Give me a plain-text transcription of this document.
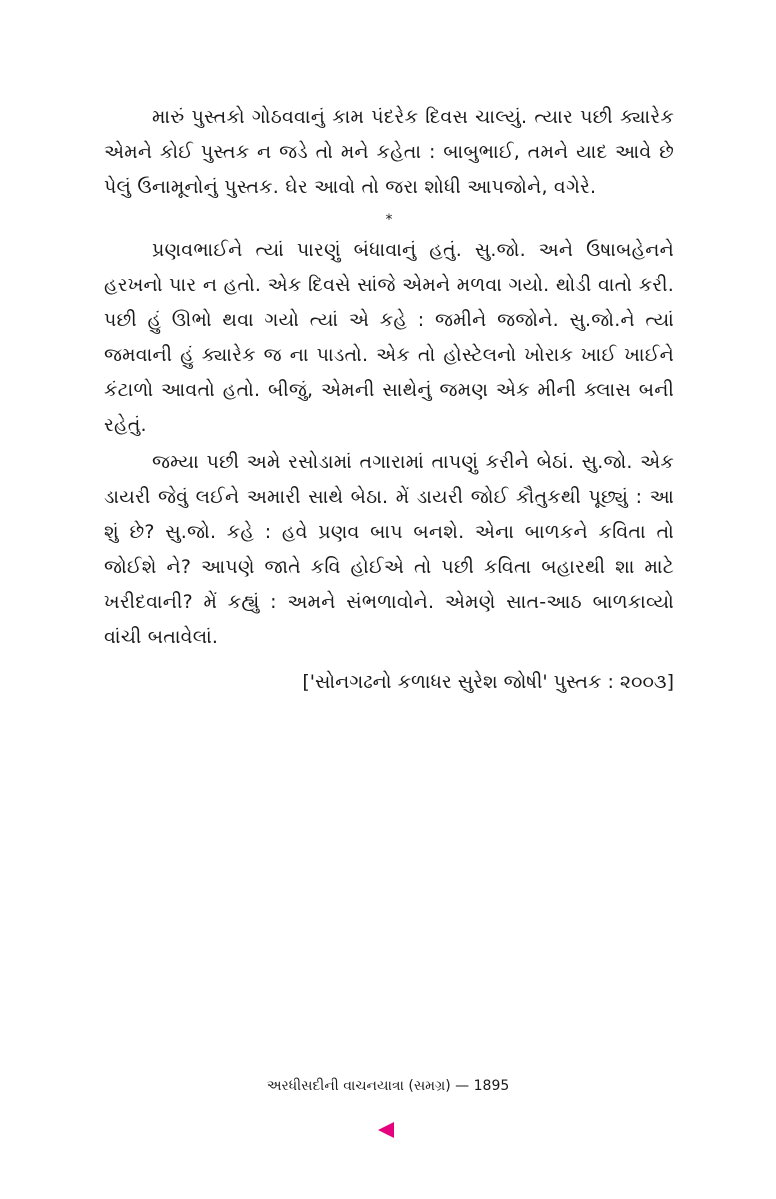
મારું પુસ્તકો ગોઠવવાનું કામ પંદરેક દિવસ ચાલ્યું. ત્યાર પછી ક્યારેક એમને કોઈ પુસ્તક ન જડે તો મને કહેતા : બાબુભાઈ, તમને યાદ આવે છે પેલું ઉનામૂનોનું પુસ્તક. ઘેર આવો તો જરા શોધી આપજોને, વગેરે.

*

પ્રણવભાઈને ત્યાં પારણું બંધાવાનું હતું. સુ.જો. અને ઉષાબહેનને હરખનો પાર ન હતો. એક દિવસે સાંજે એમને મળવા ગયો. થોડી વાતો કરી. પછી હું ઊભો થવા ગયો ત્યાં એ કહે : જમીને જજોને. સુ.જો.ને ત્યાં જમવાની હું ક્યારેક જ ના પાડતો. એક તો હોસ્ટેલનો ખોરાક ખાઈ ખાઈને કંટાળો આવતો હતો. બીજું, એમની સાથેનું જમણ એક મીની ક્લાસ બની રહેતું.

જમ્યા પછી અમે રસોડામાં તગારામાં તાપણું કરીને બેઠાં. સુ.જો. એક ડાયરી જેવું લઈને અમારી સાથે બેઠા. મેં ડાયરી જોઈ કૌતુકથી પૂછ્યું : આ શું છે? સુ.જો. કહે : હવે પ્રણવ બાપ બનશે. એના બાળકને કવિતા તો જોઈશે ને? આપણે જાતે કવિ હોઈએ તો પછી કવિતા બહારથી શા માટે ખરીદવાની? મેં કહ્યું : અમને સંભળાવોને. એમણે સાત-આઠ બાળકાવ્યો વાંચી બતાવેલાં.

['સોનગઢનો કળાધર સુરેશ જોષી' પુસ્તક : ૨૦૦૩]

અરધીસદીની વાચનયાત્રા (સમગ્ર) — 1895
